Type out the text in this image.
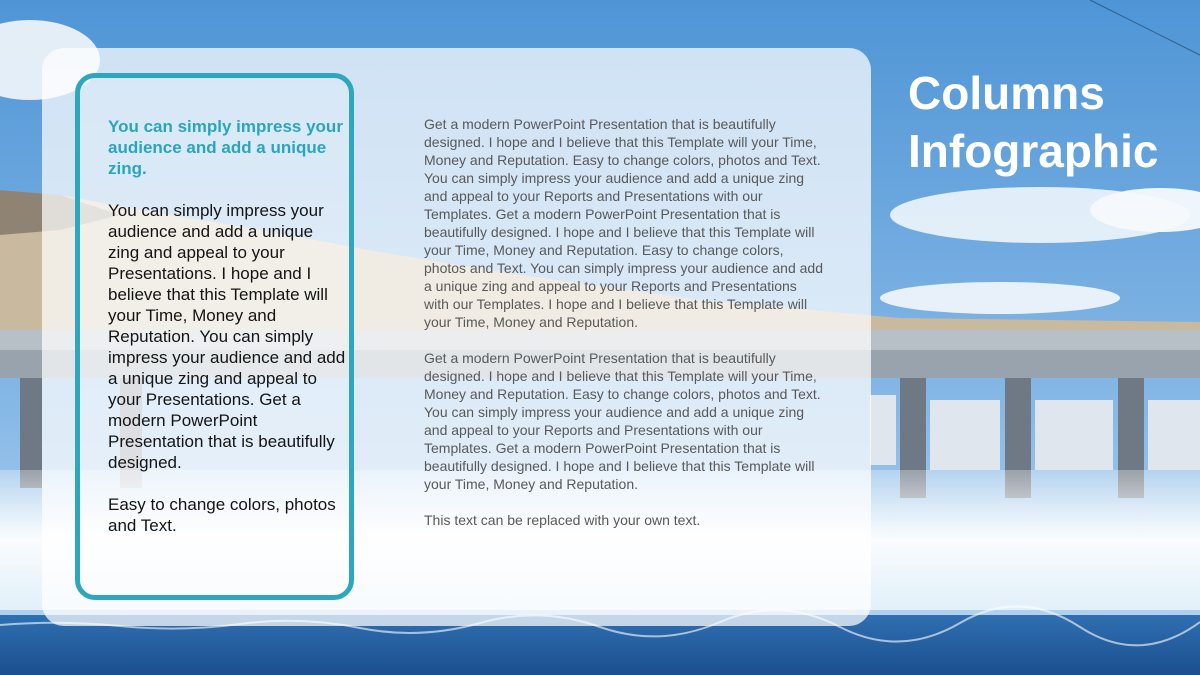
You can simply impress your audience and add a unique zing.

You can simply impress your audience and add a unique zing and appeal to your Presentations. I hope and I believe that this Template will your Time, Money and Reputation. You can simply impress your audience and add a unique zing and appeal to your Presentations. Get a modern PowerPoint Presentation that is beautifully designed.

Easy to change colors, photos and Text.

Get a modern PowerPoint Presentation that is beautifully designed. I hope and I believe that this Template will your Time, Money and Reputation. Easy to change colors, photos and Text. You can simply impress your audience and add a unique zing and appeal to your Reports and Presentations with our Templates. Get a modern PowerPoint Presentation that is beautifully designed. I hope and I believe that this Template will your Time, Money and Reputation. Easy to change colors, photos and Text. You can simply impress your audience and add a unique zing and appeal to your Reports and Presentations with our Templates. I hope and I believe that this Template will your Time, Money and Reputation.

Get a modern PowerPoint Presentation that is beautifully designed. I hope and I believe that this Template will your Time, Money and Reputation. Easy to change colors, photos and Text. You can simply impress your audience and add a unique zing and appeal to your Reports and Presentations with our Templates. Get a modern PowerPoint Presentation that is beautifully designed. I hope and I believe that this Template will your Time, Money and Reputation.

This text can be replaced with your own text.

Columns
Infographic
